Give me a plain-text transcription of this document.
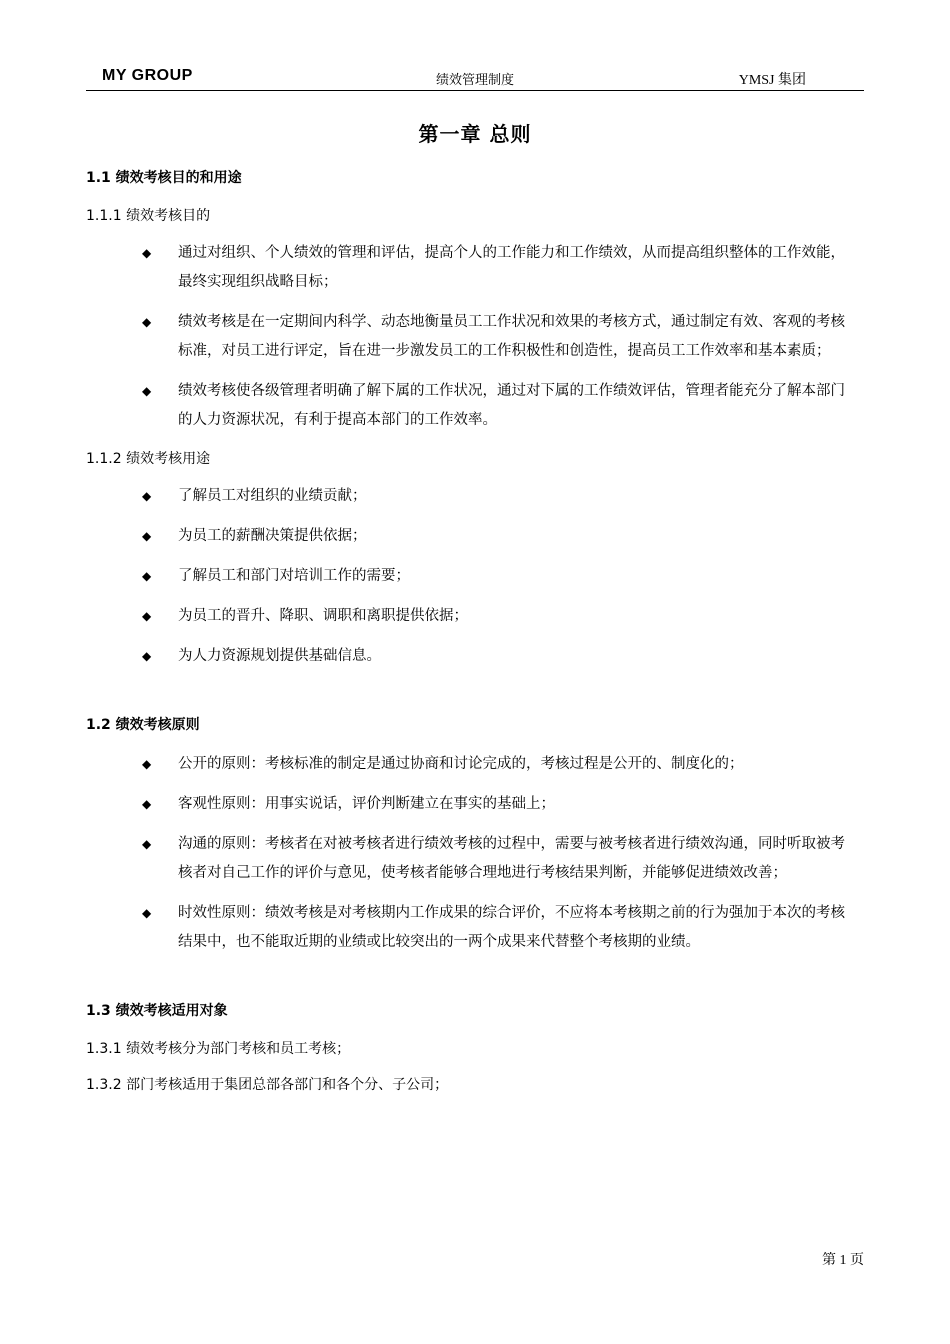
MY GROUP	绩效管理制度	YMSJ 集团
第一章 总则
1.1 绩效考核目的和用途
1.1.1 绩效考核目的
◆ 通过对组织、个人绩效的管理和评估，提高个人的工作能力和工作绩效，从而提高组织整体的工作效能，最终实现组织战略目标；
◆ 绩效考核是在一定期间内科学、动态地衡量员工工作状况和效果的考核方式，通过制定有效、客观的考核标准，对员工进行评定，旨在进一步激发员工的工作积极性和创造性，提高员工工作效率和基本素质；
◆ 绩效考核使各级管理者明确了解下属的工作状况，通过对下属的工作绩效评估，管理者能充分了解本部门的人力资源状况，有利于提高本部门的工作效率。
1.1.2 绩效考核用途
◆ 了解员工对组织的业绩贡献；
◆ 为员工的薪酬决策提供依据；
◆ 了解员工和部门对培训工作的需要；
◆ 为员工的晋升、降职、调职和离职提供依据；
◆ 为人力资源规划提供基础信息。
1.2 绩效考核原则
◆ 公开的原则：考核标准的制定是通过协商和讨论完成的，考核过程是公开的、制度化的；
◆ 客观性原则：用事实说话，评价判断建立在事实的基础上；
◆ 沟通的原则：考核者在对被考核者进行绩效考核的过程中，需要与被考核者进行绩效沟通，同时听取被考核者对自己工作的评价与意见，使考核者能够合理地进行考核结果判断，并能够促进绩效改善；
◆ 时效性原则：绩效考核是对考核期内工作成果的综合评价，不应将本考核期之前的行为强加于本次的考核结果中，也不能取近期的业绩或比较突出的一两个成果来代替整个考核期的业绩。
1.3 绩效考核适用对象
1.3.1 绩效考核分为部门考核和员工考核；
1.3.2 部门考核适用于集团总部各部门和各个分、子公司；
第 1 页
